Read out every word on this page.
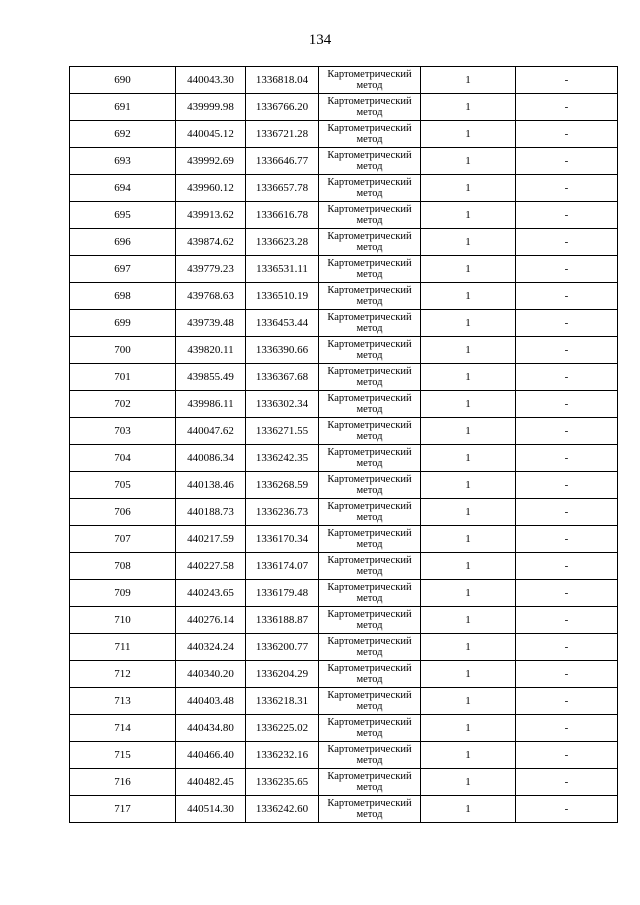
134
690	440043.30	1336818.04	Картометрический метод	1	-
691	439999.98	1336766.20	Картометрический метод	1	-
692	440045.12	1336721.28	Картометрический метод	1	-
693	439992.69	1336646.77	Картометрический метод	1	-
694	439960.12	1336657.78	Картометрический метод	1	-
695	439913.62	1336616.78	Картометрический метод	1	-
696	439874.62	1336623.28	Картометрический метод	1	-
697	439779.23	1336531.11	Картометрический метод	1	-
698	439768.63	1336510.19	Картометрический метод	1	-
699	439739.48	1336453.44	Картометрический метод	1	-
700	439820.11	1336390.66	Картометрический метод	1	-
701	439855.49	1336367.68	Картометрический метод	1	-
702	439986.11	1336302.34	Картометрический метод	1	-
703	440047.62	1336271.55	Картометрический метод	1	-
704	440086.34	1336242.35	Картометрический метод	1	-
705	440138.46	1336268.59	Картометрический метод	1	-
706	440188.73	1336236.73	Картометрический метод	1	-
707	440217.59	1336170.34	Картометрический метод	1	-
708	440227.58	1336174.07	Картометрический метод	1	-
709	440243.65	1336179.48	Картометрический метод	1	-
710	440276.14	1336188.87	Картометрический метод	1	-
711	440324.24	1336200.77	Картометрический метод	1	-
712	440340.20	1336204.29	Картометрический метод	1	-
713	440403.48	1336218.31	Картометрический метод	1	-
714	440434.80	1336225.02	Картометрический метод	1	-
715	440466.40	1336232.16	Картометрический метод	1	-
716	440482.45	1336235.65	Картометрический метод	1	-
717	440514.30	1336242.60	Картометрический метод	1	-
